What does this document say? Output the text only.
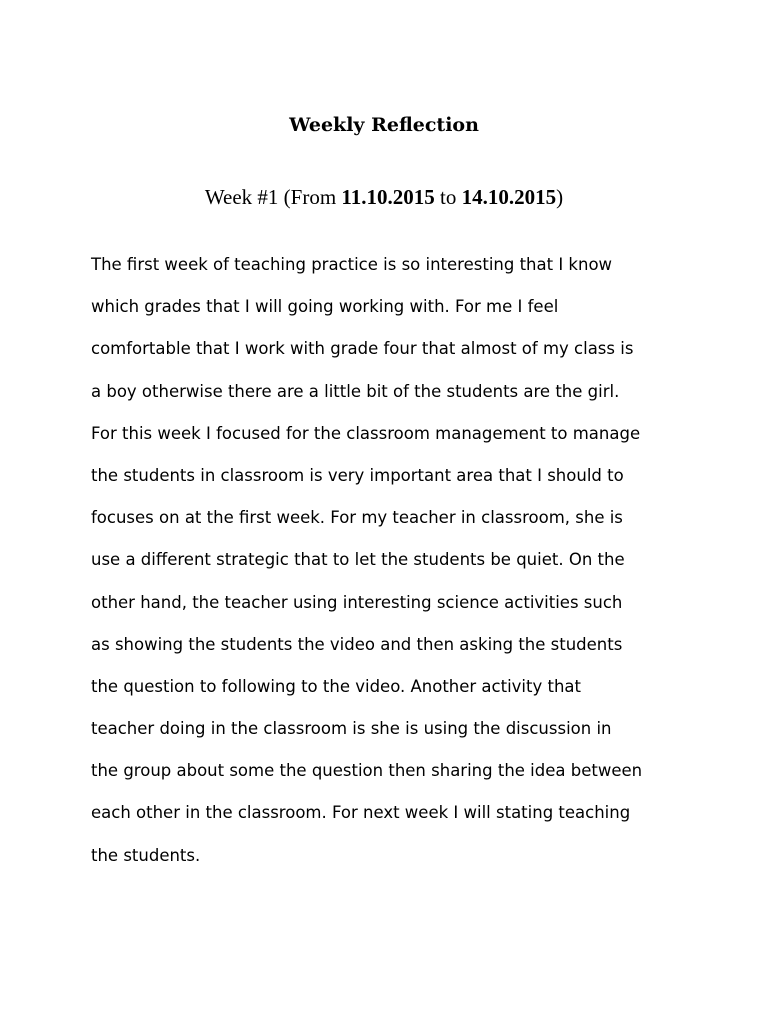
Weekly Reflection
Week #1 (From 11.10.2015 to 14.10.2015)
The first week of teaching practice is so interesting that I know
which grades that I will going working with. For me I feel
comfortable that I work with grade four that almost of my class is
a boy otherwise there are a little bit of the students are the girl.
For this week I focused for the classroom management to manage
the students in classroom is very important area that I should to
focuses on at the first week. For my teacher in classroom, she is
use a different strategic that to let the students be quiet. On the
other hand, the teacher using interesting science activities such
as showing the students the video and then asking the students
the question to following to the video. Another activity that
teacher doing in the classroom is she is using the discussion in
the group about some the question then sharing the idea between
each other in the classroom. For next week I will stating teaching
the students.
